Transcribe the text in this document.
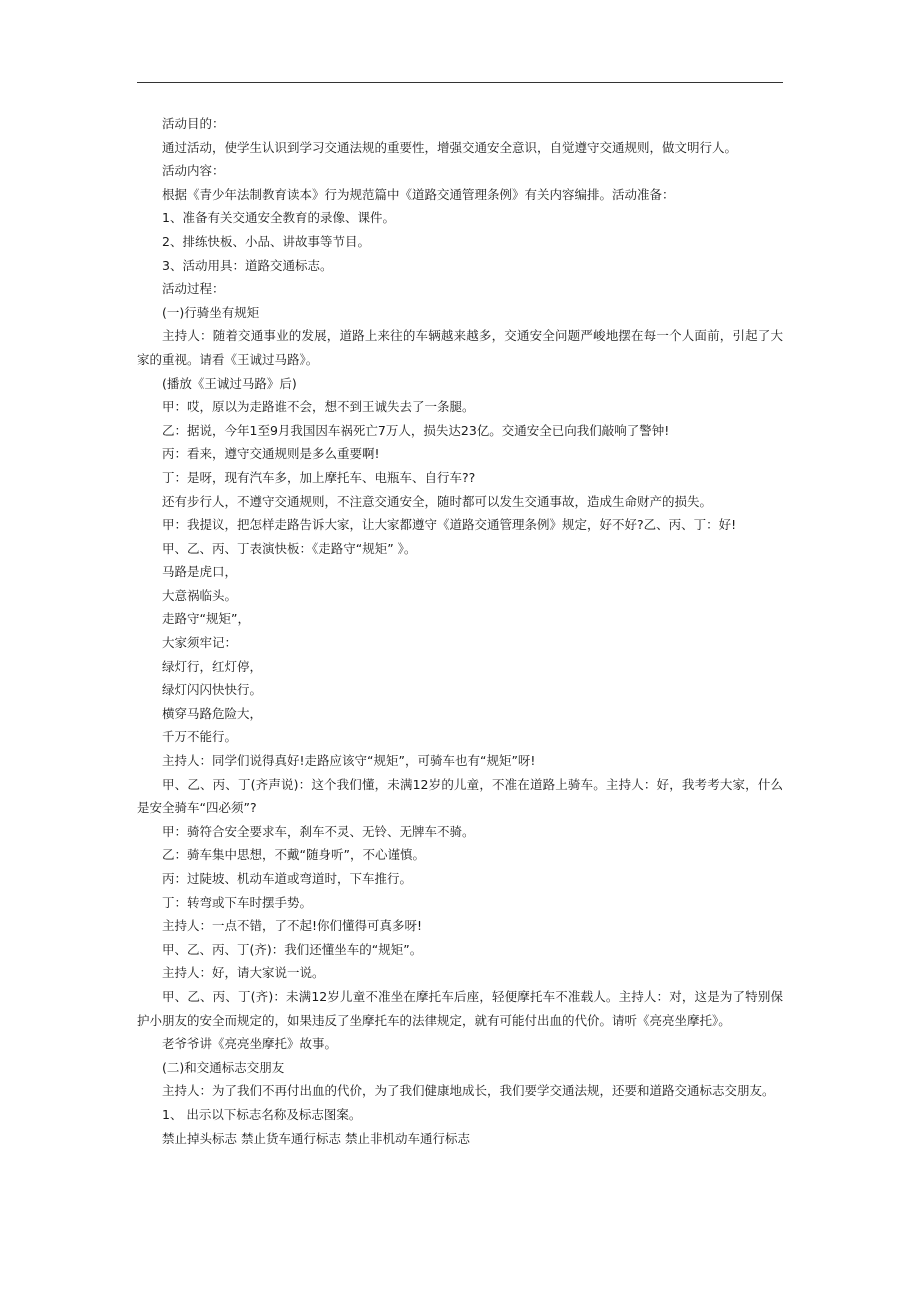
活动目的：

通过活动，使学生认识到学习交通法规的重要性，增强交通安全意识，自觉遵守交通规则，做文明行人。

活动内容：

根据《青少年法制教育读本》行为规范篇中《道路交通管理条例》有关内容编排。活动准备：

1、准备有关交通安全教育的录像、课件。

2、排练快板、小品、讲故事等节目。

3、活动用具：道路交通标志。

活动过程：

(一)行骑坐有规矩

主持人：随着交通事业的发展，道路上来往的车辆越来越多，交通安全问题严峻地摆在每一个人面前，引起了大家的重视。请看《王诚过马路》。

(播放《王诚过马路》后)

甲：哎，原以为走路谁不会，想不到王诚失去了一条腿。

乙：据说，今年1至9月我国因车祸死亡7万人，损失达23亿。交通安全已向我们敲响了警钟!

丙：看来，遵守交通规则是多么重要啊!

丁：是呀，现有汽车多，加上摩托车、电瓶车、自行车??

还有步行人，不遵守交通规则，不注意交通安全，随时都可以发生交通事故，造成生命财产的损失。

甲：我提议，把怎样走路告诉大家，让大家都遵守《道路交通管理条例》规定，好不好?乙、丙、丁：好!

甲、乙、丙、丁表演快板：《走路守“规矩” 》。

马路是虎口，

大意祸临头。

走路守“规矩”，

大家须牢记：

绿灯行，红灯停，

绿灯闪闪快快行。

横穿马路危险大，

千万不能行。

主持人：同学们说得真好!走路应该守“规矩”，可骑车也有“规矩”呀!

甲、乙、丙、丁(齐声说)：这个我们懂，未满12岁的儿童，不准在道路上骑车。主持人：好，我考考大家，什么是安全骑车“四必须”?

甲：骑符合安全要求车，刹车不灵、无铃、无牌车不骑。

乙：骑车集中思想，不戴“随身听”，不心谨慎。

丙：过陡坡、机动车道或弯道时，下车推行。

丁：转弯或下车时摆手势。

主持人：一点不错，了不起!你们懂得可真多呀!

甲、乙、丙、丁(齐)：我们还懂坐车的“规矩”。

主持人：好，请大家说一说。

甲、乙、丙、丁(齐)：未满12岁儿童不准坐在摩托车后座，轻便摩托车不准载人。主持人：对，这是为了特别保护小朋友的安全而规定的，如果违反了坐摩托车的法律规定，就有可能付出血的代价。请听《亮亮坐摩托》。

老爷爷讲《亮亮坐摩托》故事。

(二)和交通标志交朋友

主持人：为了我们不再付出血的代价，为了我们健康地成长，我们要学交通法规，还要和道路交通标志交朋友。

1、 出示以下标志名称及标志图案。

禁止掉头标志 禁止货车通行标志 禁止非机动车通行标志
